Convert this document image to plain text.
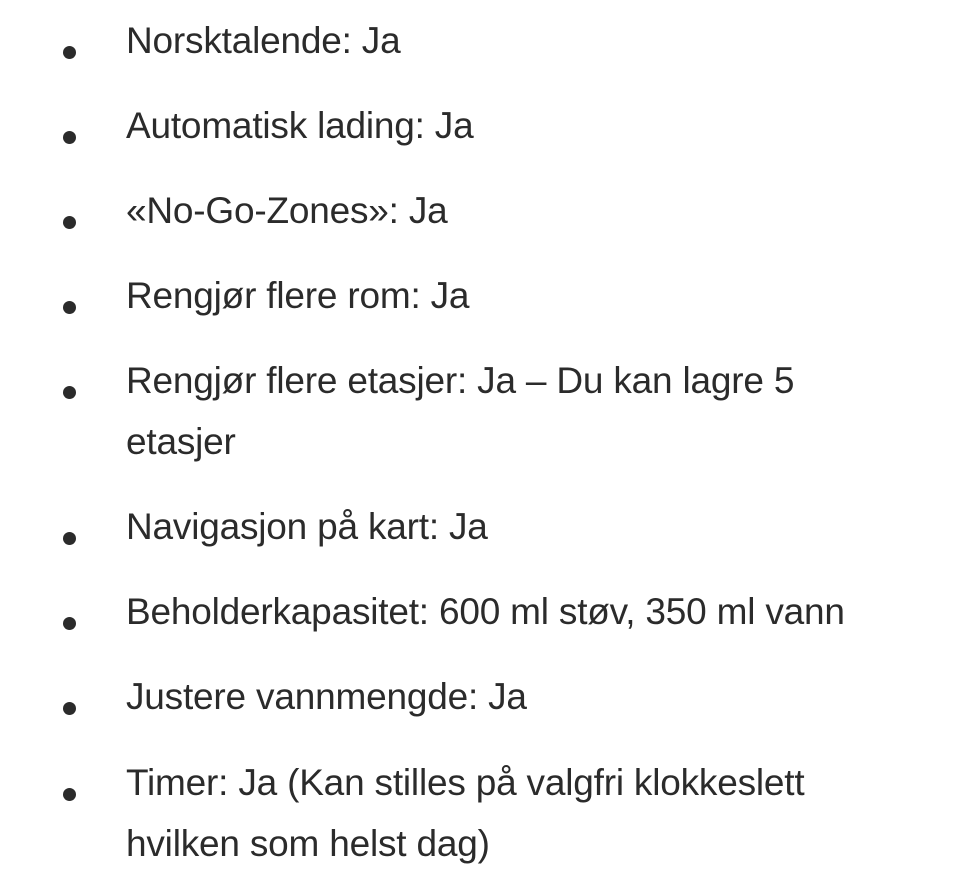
Norsktalende: Ja
Automatisk lading: Ja
«No-Go-Zones»: Ja
Rengjør flere rom: Ja
Rengjør flere etasjer: Ja – Du kan lagre 5
etasjer
Navigasjon på kart: Ja
Beholderkapasitet: 600 ml støv, 350 ml vann
Justere vannmengde: Ja
Timer: Ja (Kan stilles på valgfri klokkeslett
hvilken som helst dag)
